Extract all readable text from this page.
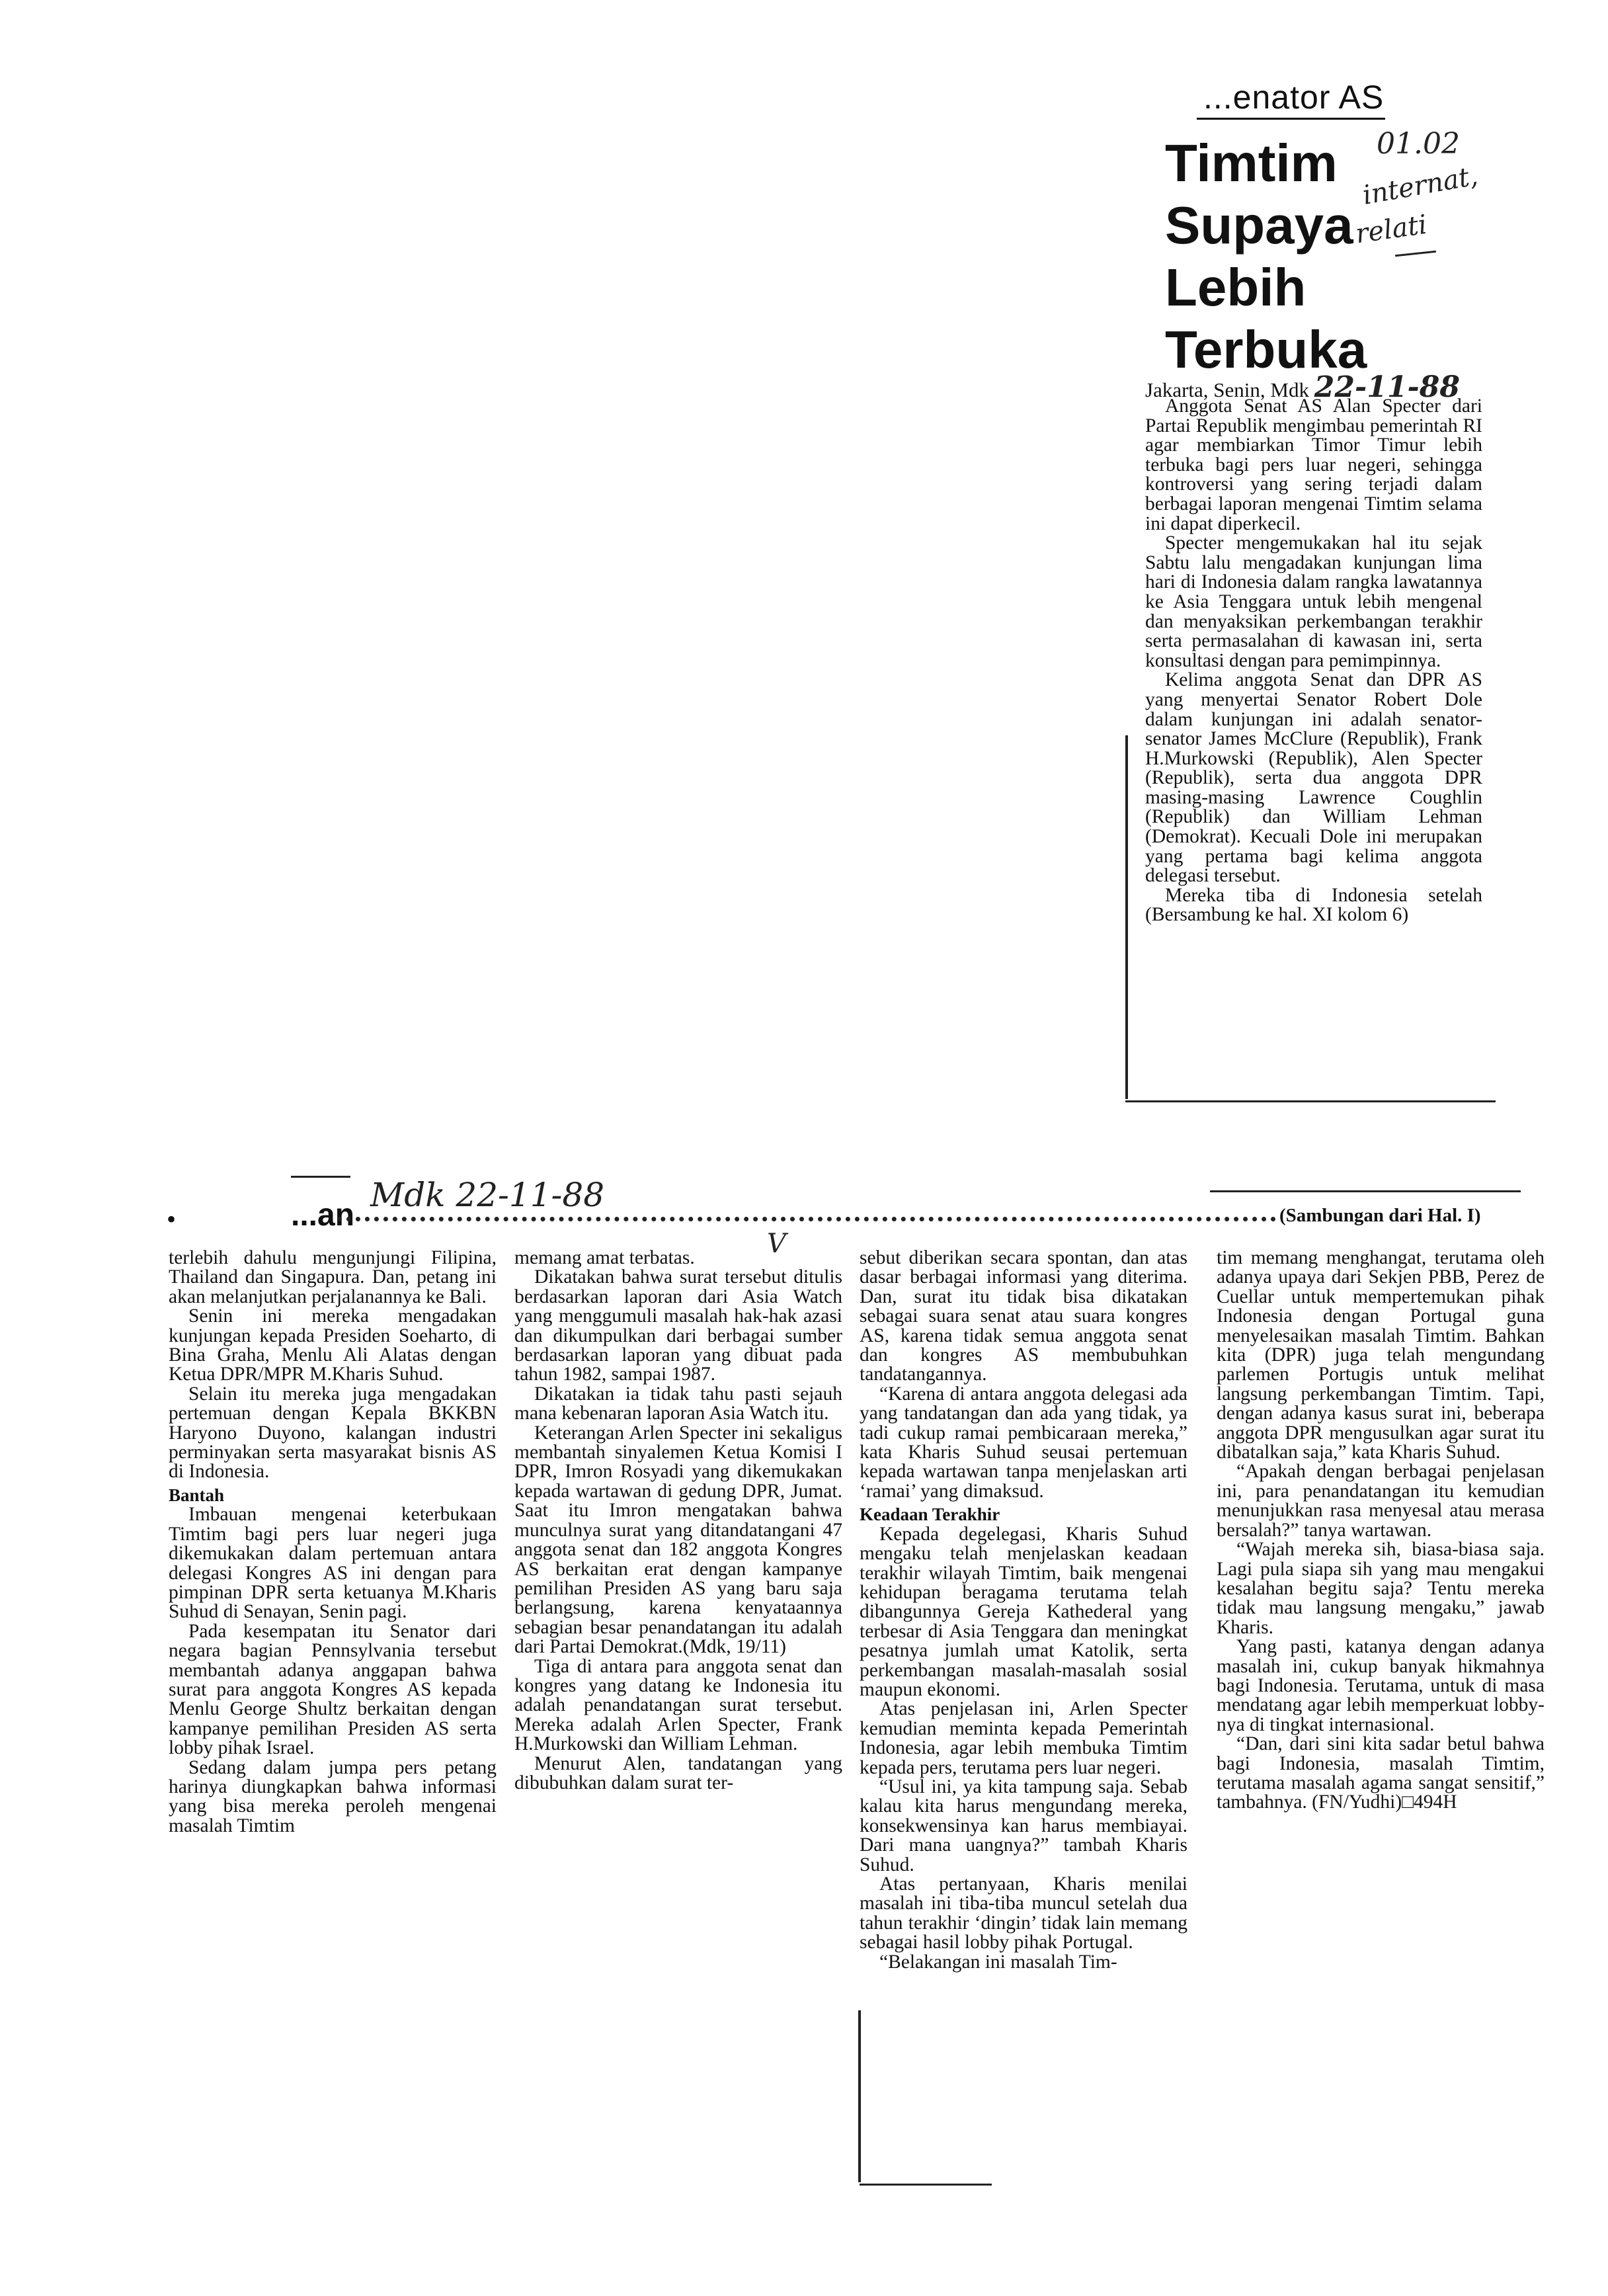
...enator AS
Timtim
Supaya
Lebih
Terbuka
01.02
internat,
relati
Jakarta, Senin, Mdk 22-11-88

Anggota Senat AS Alan Specter dari Partai Republik mengimbau pemerintah RI agar membiarkan Timor Timur lebih terbuka bagi pers luar negeri, sehingga kontroversi yang sering terjadi dalam berbagai laporan mengenai Timtim selama ini dapat diperkecil.

Specter mengemukakan hal itu sejak Sabtu lalu mengadakan kunjungan lima hari di Indonesia dalam rangka lawatannya ke Asia Tenggara untuk lebih mengenal dan menyaksikan perkembangan terakhir serta permasalahan di kawasan ini, serta konsultasi dengan para pemimpinnya.

Kelima anggota Senat dan DPR AS yang menyertai Senator Robert Dole dalam kunjungan ini adalah senator-senator James McClure (Republik), Frank H.Murkowski (Republik), Alen Specter (Republik), serta dua anggota DPR masing-masing Lawrence Coughlin (Republik) dan William Lehman (Demokrat). Kecuali Dole ini merupakan yang pertama bagi kelima anggota delegasi tersebut.

Mereka tiba di Indonesia setelah (Bersambung ke hal. XI kolom 6)

•	...an
Mdk 22-11-88
(Sambungan dari Hal. I)
V

terlebih dahulu mengunjungi Filipina, Thailand dan Singapura. Dan, petang ini akan melanjutkan perjalanannya ke Bali.

Senin ini mereka mengadakan kunjungan kepada Presiden Soeharto, di Bina Graha, Menlu Ali Alatas dengan Ketua DPR/MPR M.Kharis Suhud.

Selain itu mereka juga mengadakan pertemuan dengan Kepala BKKBN Haryono Duyono, kalangan industri perminyakan serta masyarakat bisnis AS di Indonesia.

Bantah

Imbauan mengenai keterbukaan Timtim bagi pers luar negeri juga dikemukakan dalam pertemuan antara delegasi Kongres AS ini dengan para pimpinan DPR serta ketuanya M.Kharis Suhud di Senayan, Senin pagi.

Pada kesempatan itu Senator dari negara bagian Pennsylvania tersebut membantah adanya anggapan bahwa surat para anggota Kongres AS kepada Menlu George Shultz berkaitan dengan kampanye pemilihan Presiden AS serta lobby pihak Israel.

Sedang dalam jumpa pers petang harinya diungkapkan bahwa informasi yang bisa mereka peroleh mengenai masalah Timtim

memang amat terbatas.

Dikatakan bahwa surat tersebut ditulis berdasarkan laporan dari Asia Watch yang menggumuli masalah hak-hak azasi dan dikumpulkan dari berbagai sumber berdasarkan laporan yang dibuat pada tahun 1982, sampai 1987.

Dikatakan ia tidak tahu pasti sejauh mana kebenaran laporan Asia Watch itu.

Keterangan Arlen Specter ini sekaligus membantah sinyalemen Ketua Komisi I DPR, Imron Rosyadi yang dikemukakan kepada wartawan di gedung DPR, Jumat. Saat itu Imron mengatakan bahwa munculnya surat yang ditandatangani 47 anggota senat dan 182 anggota Kongres AS berkaitan erat dengan kampanye pemilihan Presiden AS yang baru saja berlangsung, karena kenyataannya sebagian besar penandatangan itu adalah dari Partai Demokrat.(Mdk, 19/11)

Tiga di antara para anggota senat dan kongres yang datang ke Indonesia itu adalah penandatangan surat tersebut. Mereka adalah Arlen Specter, Frank H.Murkowski dan William Lehman.

Menurut Alen, tandatangan yang dibubuhkan dalam surat ter-

sebut diberikan secara spontan, dan atas dasar berbagai informasi yang diterima. Dan, surat itu tidak bisa dikatakan sebagai suara senat atau suara kongres AS, karena tidak semua anggota senat dan kongres AS membubuhkan tandatangannya.

“Karena di antara anggota delegasi ada yang tandatangan dan ada yang tidak, ya tadi cukup ramai pembicaraan mereka,” kata Kharis Suhud seusai pertemuan kepada wartawan tanpa menjelaskan arti ‘ramai’ yang dimaksud.

Keadaan Terakhir

Kepada degelegasi, Kharis Suhud mengaku telah menjelaskan keadaan terakhir wilayah Timtim, baik mengenai kehidupan beragama terutama telah dibangunnya Gereja Kathederal yang terbesar di Asia Tenggara dan meningkat pesatnya jumlah umat Katolik, serta perkembangan masalah-masalah sosial maupun ekonomi.

Atas penjelasan ini, Arlen Specter kemudian meminta kepada Pemerintah Indonesia, agar lebih membuka Timtim kepada pers, terutama pers luar negeri.

“Usul ini, ya kita tampung saja. Sebab kalau kita harus mengundang mereka, konsekwensinya kan harus membiayai. Dari mana uangnya?” tambah Kharis Suhud.

Atas pertanyaan, Kharis menilai masalah ini tiba-tiba muncul setelah dua tahun terakhir ‘dingin’ tidak lain memang sebagai hasil lobby pihak Portugal.

“Belakangan ini masalah Tim-

tim memang menghangat, terutama oleh adanya upaya dari Sekjen PBB, Perez de Cuellar untuk mempertemukan pihak Indonesia dengan Portugal guna menyelesaikan masalah Timtim. Bahkan kita (DPR) juga telah mengundang parlemen Portugis untuk melihat langsung perkembangan Timtim. Tapi, dengan adanya kasus surat ini, beberapa anggota DPR mengusulkan agar surat itu dibatalkan saja,” kata Kharis Suhud.

“Apakah dengan berbagai penjelasan ini, para penandatangan itu kemudian menunjukkan rasa menyesal atau merasa bersalah?” tanya wartawan.

“Wajah mereka sih, biasa-biasa saja. Lagi pula siapa sih yang mau mengakui kesalahan begitu saja? Tentu mereka tidak mau langsung mengaku,” jawab Kharis.

Yang pasti, katanya dengan adanya masalah ini, cukup banyak hikmahnya bagi Indonesia. Terutama, untuk di masa mendatang agar lebih memperkuat lobby-nya di tingkat internasional.

“Dan, dari sini kita sadar betul bahwa bagi Indonesia, masalah Timtim, terutama masalah agama sangat sensitif,” tambahnya. (FN/Yudhi)□494H
